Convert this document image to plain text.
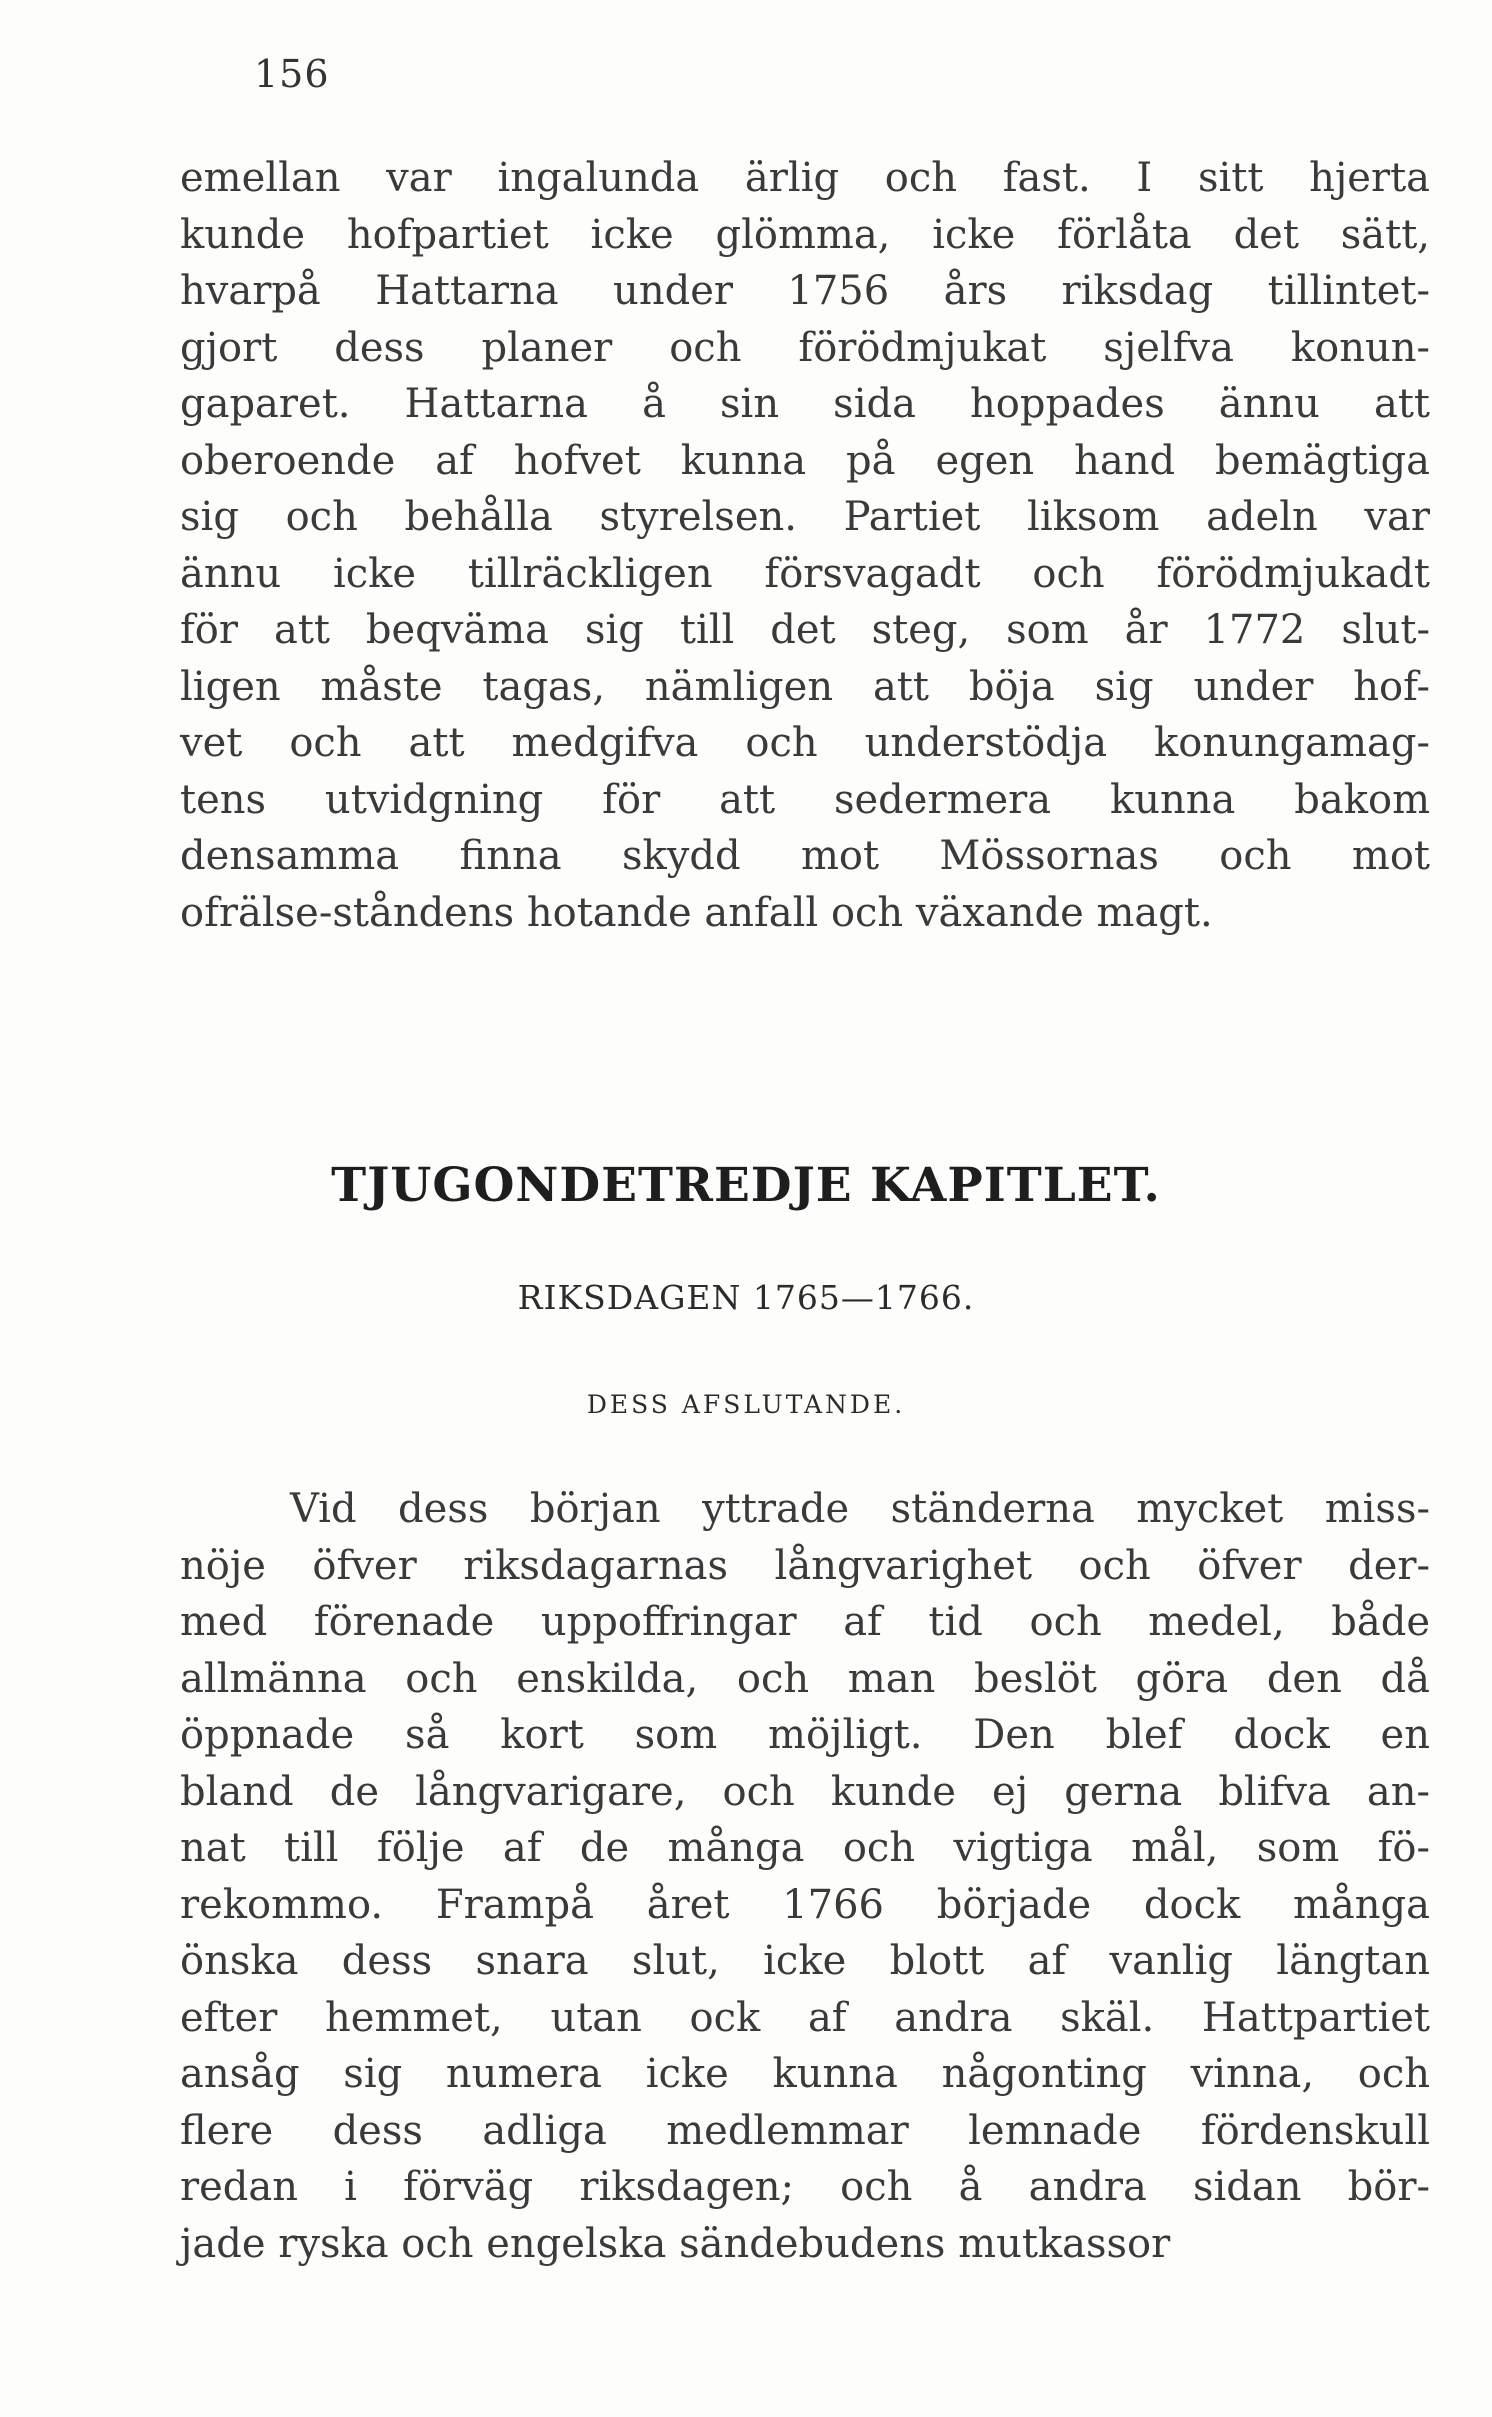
156
emellan var ingalunda ärlig och fast. I sitt hjerta
kunde hofpartiet icke glömma, icke förlåta det sätt,
hvarpå Hattarna under 1756 års riksdag tillintet-
gjort dess planer och förödmjukat sjelfva konun-
gaparet. Hattarna å sin sida hoppades ännu att
oberoende af hofvet kunna på egen hand bemägtiga
sig och behålla styrelsen. Partiet liksom adeln var
ännu icke tillräckligen försvagadt och förödmjukadt
för att beqväma sig till det steg, som år 1772 slut-
ligen måste tagas, nämligen att böja sig under hof-
vet och att medgifva och understödja konungamag-
tens utvidgning för att sedermera kunna bakom
densamma finna skydd mot Mössornas och mot
ofrälse-ståndens hotande anfall och växande magt.
TJUGONDETREDJE KAPITLET.
RIKSDAGEN 1765—1766.
DESS AFSLUTANDE.
Vid dess början yttrade ständerna mycket miss-
nöje öfver riksdagarnas långvarighet och öfver der-
med förenade uppoffringar af tid och medel, både
allmänna och enskilda, och man beslöt göra den då
öppnade så kort som möjligt. Den blef dock en
bland de långvarigare, och kunde ej gerna blifva an-
nat till följe af de många och vigtiga mål, som fö-
rekommo. Frampå året 1766 började dock många
önska dess snara slut, icke blott af vanlig längtan
efter hemmet, utan ock af andra skäl. Hattpartiet
ansåg sig numera icke kunna någonting vinna, och
flere dess adliga medlemmar lemnade fördenskull
redan i förväg riksdagen; och å andra sidan bör-
jade ryska och engelska sändebudens mutkassor
